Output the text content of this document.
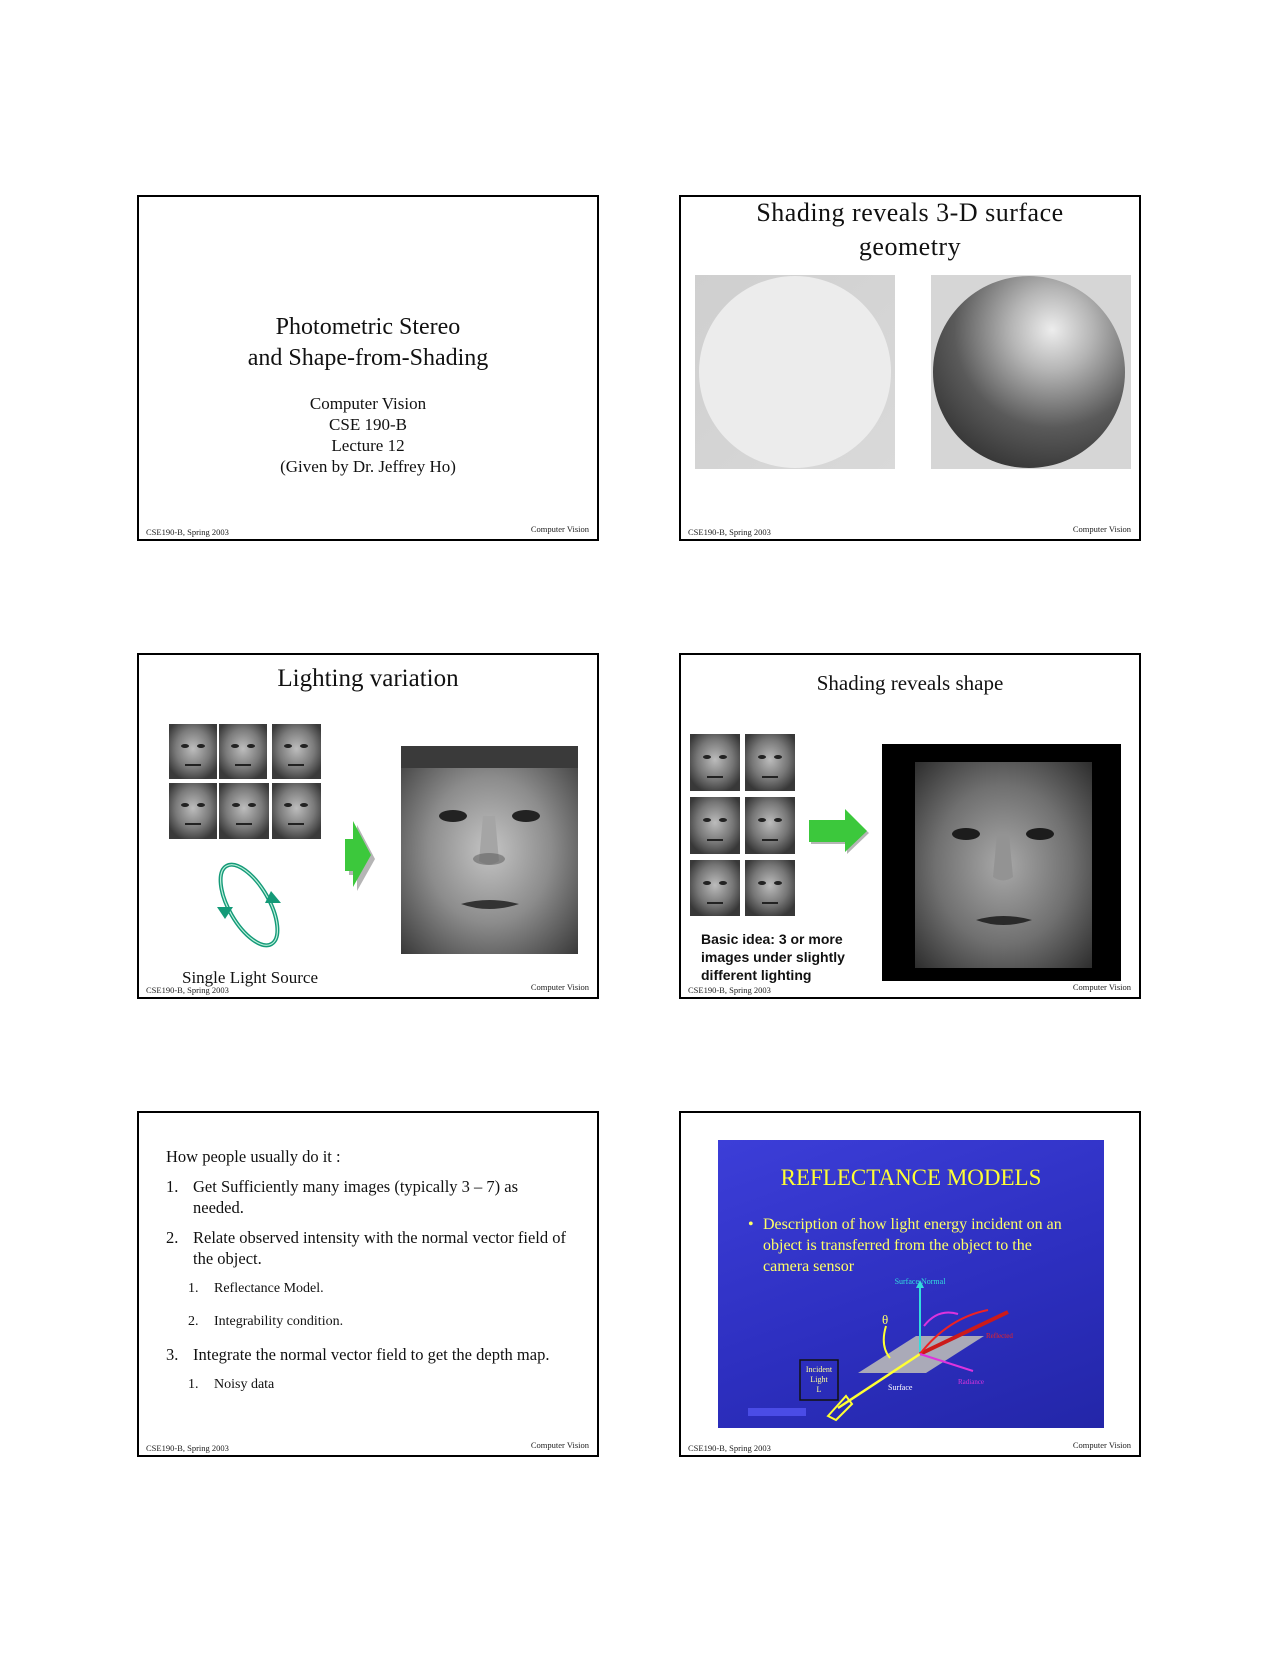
Photometric Stereo
and Shape-from-Shading
Computer Vision
CSE 190-B
Lecture 12
(Given by Dr. Jeffrey Ho)
CSE190-B, Spring 2003	Computer Vision
Shading reveals 3-D surface
geometry
CSE190-B, Spring 2003	Computer Vision
Lighting variation
Single Light Source
CSE190-B, Spring 2003	Computer Vision
Shading reveals shape
Basic idea: 3 or more images under slightly different lighting
CSE190-B, Spring 2003	Computer Vision
How people usually do it :
1. Get Sufficiently many images (typically 3 – 7) as needed.
2. Relate observed intensity with the normal vector field of the object.
1.	Reflectance Model.
2.	Integrability condition.
3. Integrate the normal vector field to get the depth map.
1.	Noisy data
CSE190-B, Spring 2003	Computer Vision
REFLECTANCE MODELS
• Description of how light energy incident on an object is transferred from the object to the camera sensor
Surface Normal
θ
Reflected
Radiance
Incident
Light
L	Surface
CSE190-B, Spring 2003	Computer Vision
